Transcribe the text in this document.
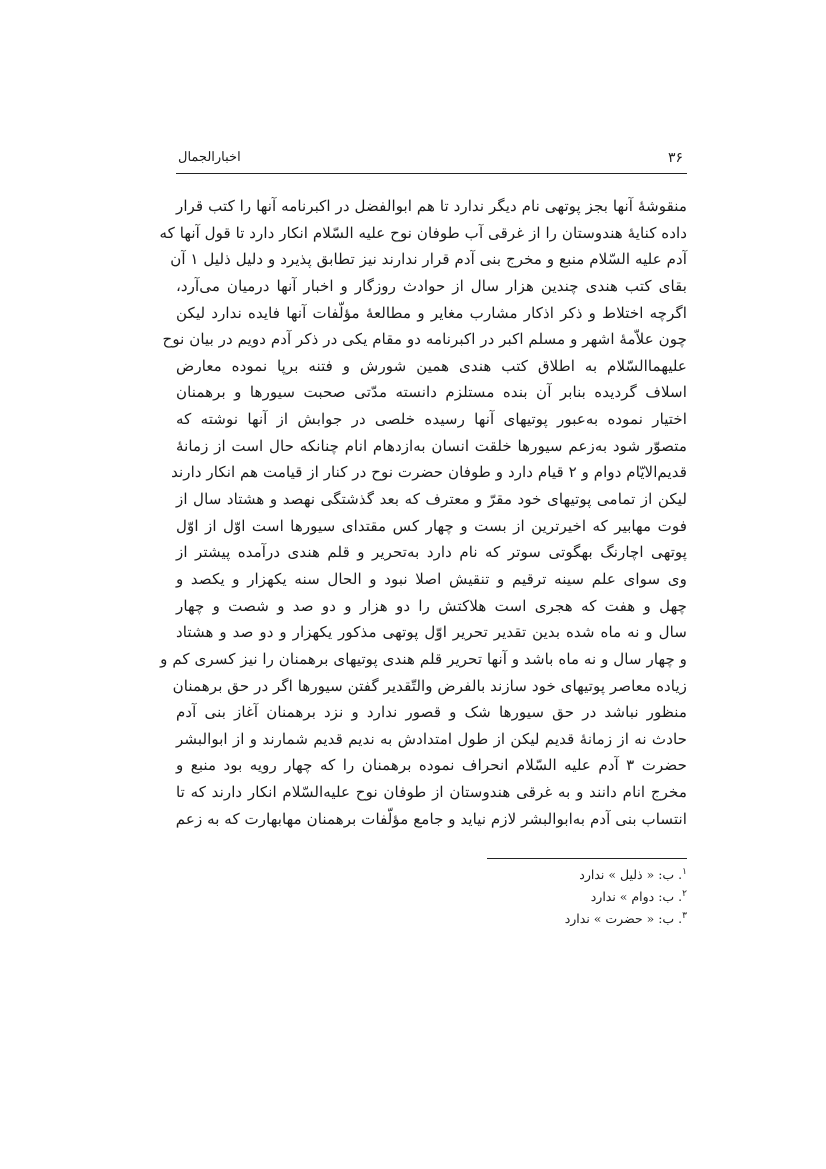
۳۶
اخبارالجمال
منقوشهٔ آنها بجز پوتهی نام دیگر ندارد تا هم ابوالفضل در اکبرنامه آنها را کتب قرار
داده کنایهٔ هندوستان را از غرقی آب طوفان نوح علیه السّلام انکار دارد تا قول آنها که
آدم علیه السّلام منبع و مخرج بنی آدم قرار ندارند نیز تطابق پذیرد و دلیل ذلیل ۱ آن
بقای کتب هندی چندین هزار سال از حوادث روزگار و اخبار آنها درمیان می‌آرد،
اگرچه اختلاط و ذکر اذکار مشارب مغایر و مطالعهٔ مؤلّفات آنها فایده ندارد لیکن
چون علاّمهٔ اشهر و مسلم اکبر در اکبرنامه دو مقام یکی در ذکر آدم دویم در بیان نوح
علیهماالسّلام به اطلاق کتب هندی همین شورش و فتنه برپا نموده معارض
اسلاف گردیده بنابر آن بنده مستلزم دانسته مدّتی صحبت سیورها و برهمنان
اختیار نموده به‌عبور پوتیهای آنها رسیده خلصی در جوابش از آنها نوشته که
متصوّر شود به‌زعم سیورها خلقت انسان به‌ازدهام انام چنانکه حال است از زمانهٔ
قدیم‌الایّام دوام و ۲ قیام دارد و طوفان حضرت نوح در کنار از قیامت هم انکار دارند
لیکن از تمامی پوتیهای خود مقرّ و معترف که بعد گذشتگی نهصد و هشتاد سال از
فوت مهابیر که اخیرترین از بست و چهار کس مقتدای سیورها است اوّل از اوّل
پوتهی اچارنگ بهگوتی سوتر که نام دارد به‌تحریر و قلم هندی درآمده پیشتر از
وی سوای علم سینه ترقیم و تنقیش اصلا نبود و الحال سنه یکهزار و یکصد و
چهل و هفت که هجری است هلاکتش را دو هزار و دو صد و شصت و چهار
سال و نه ماه شده بدین تقدیر تحریر اوّل پوتهی مذکور یکهزار و دو صد و هشتاد
و چهار سال و نه ماه باشد و آنها تحریر قلم هندی پوتیهای برهمنان را نیز کسری کم و
زیاده معاصر پوتیهای خود سازند بالفرض والتّقدیر گفتن سیورها اگر در حق برهمنان
منظور نباشد در حق سیورها شک و قصور ندارد و نزد برهمنان آغاز بنی آدم
حادث نه از زمانهٔ قدیم لیکن از طول امتدادش به ندیم قدیم شمارند و از ابوالبشر
حضرت ۳ آدم علیه السّلام انحراف نموده برهمنان را که چهار رویه بود منبع و
مخرج انام دانند و به غرقی هندوستان از طوفان نوح علیه‌السّلام انکار دارند که تا
انتساب بنی آدم به‌ابوالبشر لازم نیاید و جامع مؤلّفات برهمنان مهابهارت که به زعم
$^۱$. ب: « ذلیل » ندارد
$^۲$. ب: دوام » ندارد
$^۳$. ب: « حضرت » ندارد
